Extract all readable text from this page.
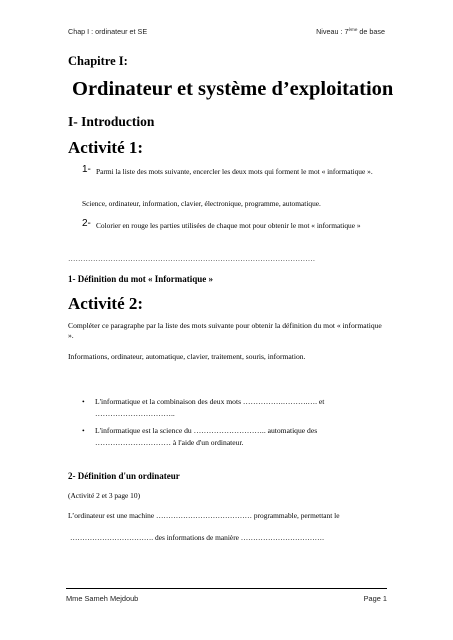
Chap I : ordinateur et SE	Niveau : 7ème de base
Chapitre I:
Ordinateur et système d’exploitation
I- Introduction
Activité 1:
1- Parmi la liste des mots suivante, encercler les deux mots qui forment le mot « informatique ».
Science, ordinateur, information, clavier, électronique, programme, automatique.
2- Colorier en rouge les parties utilisées de chaque mot pour obtenir le mot « informatique »
………………………………………………………………………………………
1- Définition du mot « Informatique »
Activité 2:
Compléter ce paragraphe par la liste des mots suivante pour obtenir la définition du mot « informatique ».
Informations, ordinateur, automatique, clavier, traitement, souris, information.
• L'informatique et la combinaison des deux mots …………….……….…. et …………………………..
• L'informatique est la science du ……………………….. automatique des ………………………… à l'aide d'un ordinateur.
2- Définition d'un ordinateur
(Activité 2 et 3 page 10)
L’ordinateur est une machine ………………………………… programmable, permettant le
……………………………. des informations de manière …………………………….
Mme Sameh Mejdoub	Page 1
